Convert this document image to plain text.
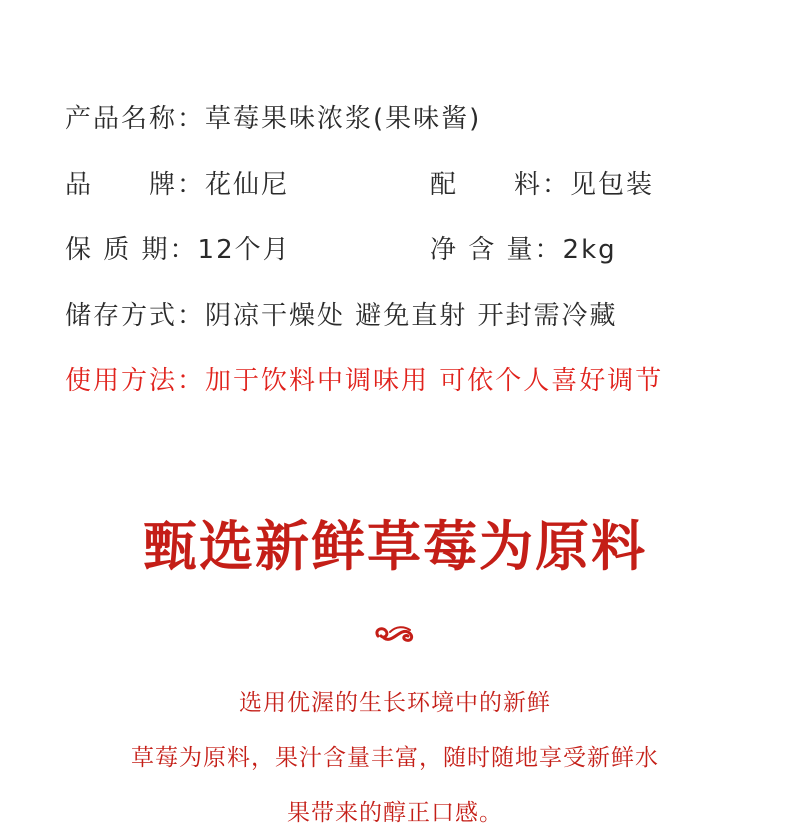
产品名称：草莓果味浓浆(果味酱)
品　　牌：花仙尼	配　　料：见包装
保 质 期：12个月	净 含 量：2kg
储存方式：阴凉干燥处 避免直射 开封需冷藏
使用方法：加于饮料中调味用 可依个人喜好调节
甄选新鲜草莓为原料
选用优渥的生长环境中的新鲜
草莓为原料，果汁含量丰富，随时随地享受新鲜水
果带来的醇正口感。
